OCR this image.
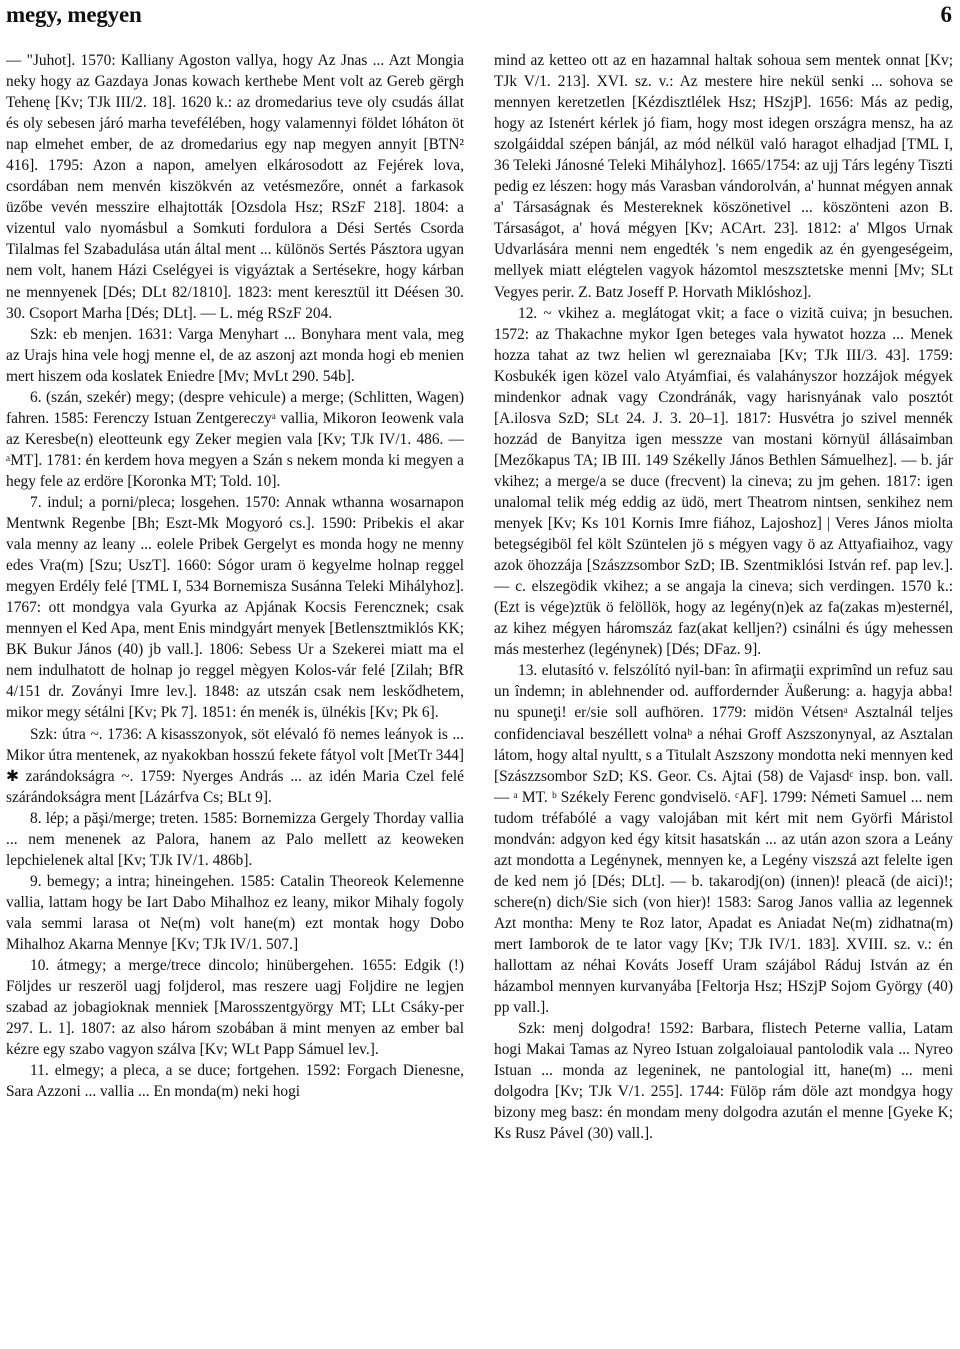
megy, megyen	6

— "Juhot]. 1570: Kalliany Agoston vallya, hogy Az Jnas ... Azt Mongia neky hogy az Gazdaya Jonas kowach kerthebe Ment volt az Gereb gërgh Tehenę [Kv; TJk III/2. 18]. 1620 k.: az dromedarius teve oly csudás állat és oly sebesen járó marha tevefélében, hogy valamennyi földet lóháton öt nap elmehet ember, de az dromedarius egy nap megyen annyit [BTN² 416]. 1795: Azon a napon, amelyen elkárosodott az Fejérek lova, csordában nem menvén kiszökvén az vetésmezőre, onnét a farkasok üzőbe vevén messzire elhajtották [Ozsdola Hsz; RSzF 218]. 1804: a vizentul valo nyomásbul a Somkuti fordulora a Dési Sertés Csorda Tilalmas fel Szabadulása után által ment ... különös Sertés Pásztora ugyan nem volt, hanem Házi Cselégyei is vigyáztak a Sertésekre, hogy kárban ne mennyenek [Dés; DLt 82/1810]. 1823: ment keresztül itt Déésen 30. 30. Csoport Marha [Dés; DLt]. — L. még RSzF 204.

Szk: eb menjen. 1631: Varga Menyhart ... Bonyhara ment vala, meg az Urajs hina vele hogj menne el, de az aszonj azt monda hogi eb menien mert hiszem oda koslatek Eniedre [Mv; MvLt 290. 54b].

6. (szán, szekér) megy; (despre vehicule) a merge; (Schlitten, Wagen) fahren. 1585: Ferenczy Istuan Zentgereczyᵃ vallia, Mikoron Ieowenk vala az Keresbe(n) eleotteunk egy Zeker megien vala [Kv; TJk IV/1. 486. — ᵃMT]. 1781: én kerdem hova megyen a Szán s nekem monda ki megyen a hegy fele az erdöre [Koronka MT; Told. 10].

7. indul; a porni/pleca; losgehen. 1570: Annak wthanna wosarnapon Mentwnk Regenbe [Bh; Eszt-Mk Mogyoró cs.]. 1590: Pribekis el akar vala menny az leany ... eolele Pribek Gergelyt es monda hogy ne menny edes Vra(m) [Szu; UszT]. 1660: Sógor uram ö kegyelme holnap reggel megyen Erdély felé [TML I, 534 Bornemisza Susánna Teleki Mihályhoz]. 1767: ott mondgya vala Gyurka az Apjának Kocsis Ferencznek; csak mennyen el Ked Apa, ment Enis mindgyárt menyek [Betlensztmiklós KK; BK Bukur János (40) jb vall.]. 1806: Sebess Ur a Szekerei miatt ma el nem indulhatott de holnap jo reggel mègyen Kolos-vár felé [Zilah; BfR 4/151 dr. Zoványi Imre lev.]. 1848: az utszán csak nem leskődhetem, mikor megy sétálni [Kv; Pk 7]. 1851: én menék is, ülnékis [Kv; Pk 6].

Szk: útra ~. 1736: A kisasszonyok, söt elévaló fö nemes leányok is ... Mikor útra mentenek, az nyakokban hosszú fekete fátyol volt [MetTr 344] ✱ zarándokságra ~. 1759: Nyerges András ... az idén Maria Czel felé szárándokságra ment [Lázárfva Cs; BLt 9].

8. lép; a păşi/merge; treten. 1585: Bornemizza Gergely Thorday vallia ... nem menenek az Palora, hanem az Palo mellett az keoweken lepchielenek altal [Kv; TJk IV/1. 486b].

9. bemegy; a intra; hineingehen. 1585: Catalin Theoreok Kelemenne vallia, lattam hogy be Iart Dabo Mihalhoz ez leany, mikor Mihaly fogoly vala semmi larasa ot Ne(m) volt hane(m) ezt montak hogy Dobo Mihalhoz Akarna Mennye [Kv; TJk IV/1. 507.]

10. átmegy; a merge/trece dincolo; hinübergehen. 1655: Edgik (!) Följdes ur reszeröl uagj foljderol, mas reszere uagj Foljdire ne legjen szabad az jobagioknak menniek [Marosszentgyörgy MT; LLt Csáky-per 297. L. 1]. 1807: az also három szobában ä mint menyen az ember bal kézre egy szabo vagyon szálva [Kv; WLt Papp Sámuel lev.].

11. elmegy; a pleca, a se duce; fortgehen. 1592: Forgach Dienesne, Sara Azzoni ... vallia ... En monda(m) neki hogi

mind az ketteo ott az en hazamnal haltak sohoua sem mentek onnat [Kv; TJk V/1. 213]. XVI. sz. v.: Az mestere hire nekül senki ... sohova se mennyen keretzetlen [Kézdisztlélek Hsz; HSzjP]. 1656: Más az pedig, hogy az Istenért kérlek jó fiam, hogy most idegen országra mensz, ha az szolgáiddal szépen bánjál, az mód nélkül való haragot elhadjad [TML I, 36 Teleki Jánosné Teleki Mihályhoz]. 1665/1754: az ujj Társ legény Tiszti pedig ez lészen: hogy más Varasban vándorolván, a' hunnat mégyen annak a' Társaságnak és Mestereknek köszönetivel ... köszönteni azon B. Társaságot, a' hová mégyen [Kv; ACArt. 23]. 1812: a' Mlgos Urnak Udvarlására menni nem engedték 's nem engedik az én gyengeségeim, mellyek miatt elégtelen vagyok házomtol meszsztetske menni [Mv; SLt Vegyes perir. Z. Batz Joseff P. Horvath Miklóshoz].

12. ~ vkihez a. meglátogat vkit; a face o vizită cuiva; jn besuchen. 1572: az Thakachne mykor Igen beteges vala hywatot hozza ... Menek hozza tahat az twz helien wl gereznaiaba [Kv; TJk III/3. 43]. 1759: Kosbukék igen közel valo Atyámfiai, és valahányszor hozzájok mégyek mindenkor adnak vagy Czondránák, vagy harisnyának valo posztót [A.ilosva SzD; SLt 24. J. 3. 20–1]. 1817: Husvétra jo szivel mennék hozzád de Banyitza igen messzze van mostani környül állásaimban [Mezőkapus TA; IB III. 149 Székelly János Bethlen Sámuelhez]. — b. jár vkihez; a merge/a se duce (frecvent) la cineva; zu jm gehen. 1817: igen unalomal telik még eddig az üdö, mert Theatrom nintsen, senkihez nem menyek [Kv; Ks 101 Kornis Imre fiához, Lajoshoz] | Veres János miolta betegségiböl fel költ Szüntelen jö s mégyen vagy ö az Attyafiaihoz, vagy azok öhozzája [Szászzsombor SzD; IB. Szentmiklósi István ref. pap lev.]. — c. elszegödik vkihez; a se angaja la cineva; sich verdingen. 1570 k.: (Ezt is vége)ztük ö felöllök, hogy az legény(n)ek az fa(zakas m)esternél, az kihez mégyen háromszáz faz(akat kelljen?) csinálni és úgy mehessen más mesterhez (legénynek) [Dés; DFaz. 9].

13. elutasító v. felszólító nyil-ban: în afirmaţii exprimînd un refuz sau un îndemn; in ablehnender od. auffordernder Äußerung: a. hagyja abba! nu spuneţi! er/sie soll aufhören. 1779: midön Vétsenᵃ Asztalnál teljes confidenciaval beszéllett volnaᵇ a néhai Groff Aszszonynyal, az Asztalan látom, hogy altal nyultt, s a Titulalt Aszszony mondotta neki mennyen ked [Szászzsombor SzD; KS. Geor. Cs. Ajtai (58) de Vajasdᶜ insp. bon. vall. — ᵃ MT. ᵇ Székely Ferenc gondviselö. ᶜAF]. 1799: Németi Samuel ... nem tudom tréfabólé a vagy valojában mit kért mit nem Györfi Máristol mondván: adgyon ked égy kitsit hasatskán ... az után azon szora a Leány azt mondotta a Legénynek, mennyen ke, a Legény viszszá azt felelte igen de ked nem jó [Dés; DLt]. — b. takarodj(on) (innen)! pleacă (de aici)!; schere(n) dich/Sie sich (von hier)! 1583: Sarog Janos vallia az legennek Azt montha: Meny te Roz lator, Apadat es Aniadat Ne(m) zidhatna(m) mert Iamborok de te lator vagy [Kv; TJk IV/1. 183]. XVIII. sz. v.: én hallottam az néhai Kováts Joseff Uram szájábol Ráduj István az én házambol mennyen kurvanyába [Feltorja Hsz; HSzjP Sojom György (40) pp vall.].

Szk: menj dolgodra! 1592: Barbara, flistech Peterne vallia, Latam hogi Makai Tamas az Nyreo Istuan zolgaloiaual pantolodik vala ... Nyreo Istuan ... monda az legeninek, ne pantologial itt, hane(m) ... meni dolgodra [Kv; TJk V/1. 255]. 1744: Fülöp rám döle azt mondgya hogy bizony meg basz: én mondam meny dolgodra azután el menne [Gyeke K; Ks Rusz Pável (30) vall.].
